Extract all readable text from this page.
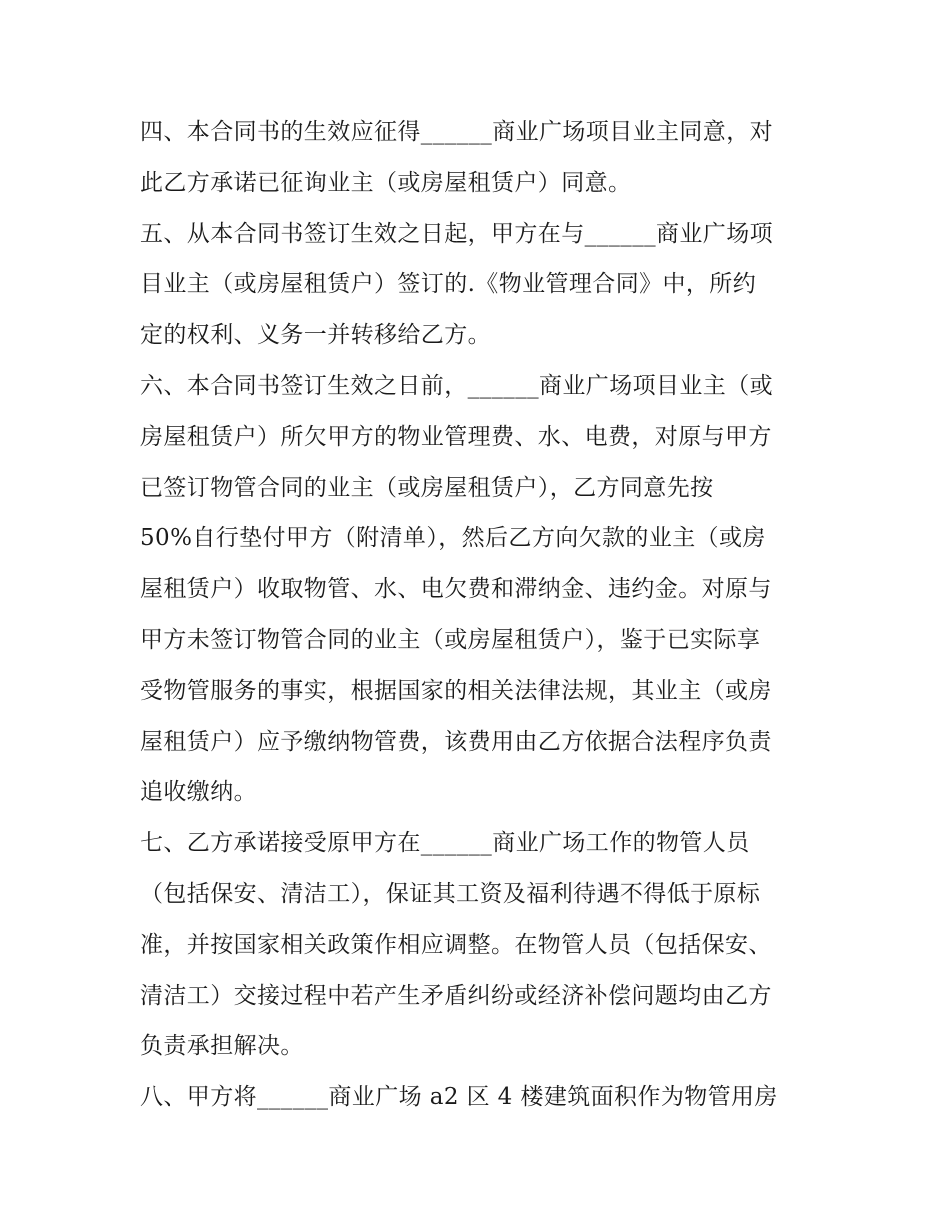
四、本合同书的生效应征得______商业广场项目业主同意，对
此乙方承诺已征询业主（或房屋租赁户）同意。
五、从本合同书签订生效之日起，甲方在与______商业广场项
目业主（或房屋租赁户）签订的.《物业管理合同》中，所约
定的权利、义务一并转移给乙方。
六、本合同书签订生效之日前，______商业广场项目业主（或
房屋租赁户）所欠甲方的物业管理费、水、电费，对原与甲方
已签订物管合同的业主（或房屋租赁户），乙方同意先按
50%自行垫付甲方（附清单），然后乙方向欠款的业主（或房
屋租赁户）收取物管、水、电欠费和滞纳金、违约金。对原与
甲方未签订物管合同的业主（或房屋租赁户），鉴于已实际享
受物管服务的事实，根据国家的相关法律法规，其业主（或房
屋租赁户）应予缴纳物管费，该费用由乙方依据合法程序负责
追收缴纳。
七、乙方承诺接受原甲方在______商业广场工作的物管人员
（包括保安、清洁工），保证其工资及福利待遇不得低于原标
准，并按国家相关政策作相应调整。在物管人员（包括保安、
清洁工）交接过程中若产生矛盾纠纷或经济补偿问题均由乙方
负责承担解决。
八、甲方将______商业广场 a2 区 4 楼建筑面积作为物管用房
